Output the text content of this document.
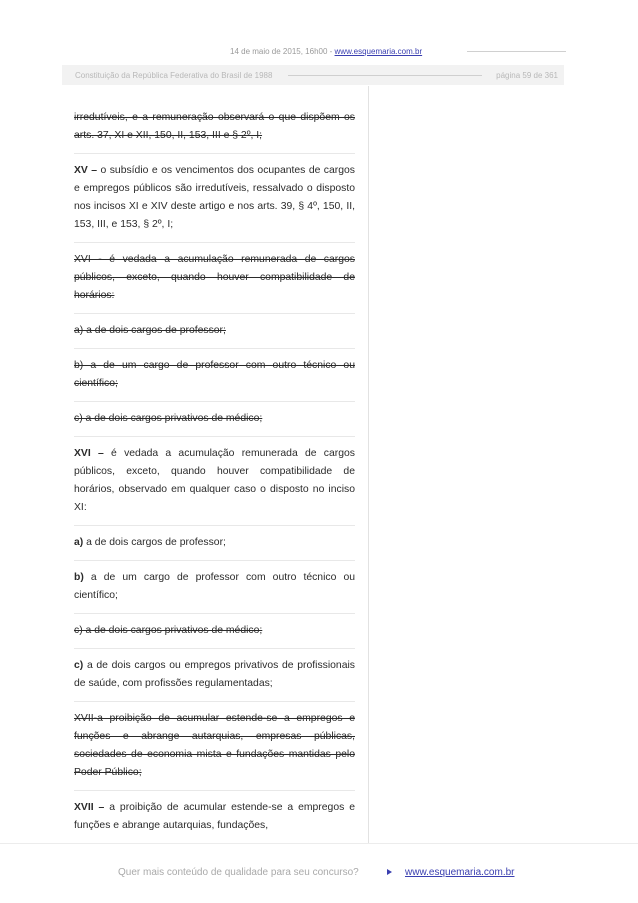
14 de maio de 2015, 16h00 - www.esquemaria.com.br
Constituição da República Federativa do Brasil de 1988	página 59 de 361

irredutíveis, e a remuneração observará o que dispõem os arts. 37, XI e XII, 150, II, 153, III e § 2º, I;

XV – o subsídio e os vencimentos dos ocupantes de cargos e empregos públicos são irredutíveis, ressalvado o disposto nos incisos XI e XIV deste artigo e nos arts. 39, § 4º, 150, II, 153, III, e 153, § 2º, I;

XVI - é vedada a acumulação remunerada de cargos públicos, exceto, quando houver compatibilidade de horários:

a) a de dois cargos de professor;

b) a de um cargo de professor com outro técnico ou científico;

c) a de dois cargos privativos de médico;

XVI – é vedada a acumulação remunerada de cargos públicos, exceto, quando houver compatibilidade de horários, observado em qualquer caso o disposto no inciso XI:

a) a de dois cargos de professor;

b) a de um cargo de professor com outro técnico ou científico;

c) a de dois cargos privativos de médico;

c) a de dois cargos ou empregos privativos de profissionais de saúde, com profissões regulamentadas;

XVII-a proibição de acumular estende-se a empregos e funções e abrange autarquias, empresas públicas, sociedades de economia mista e fundações mantidas pelo Poder Público;

XVII – a proibição de acumular estende-se a empregos e funções e abrange autarquias, fundações,

Quer mais conteúdo de qualidade para seu concurso?	www.esquemaria.com.br
